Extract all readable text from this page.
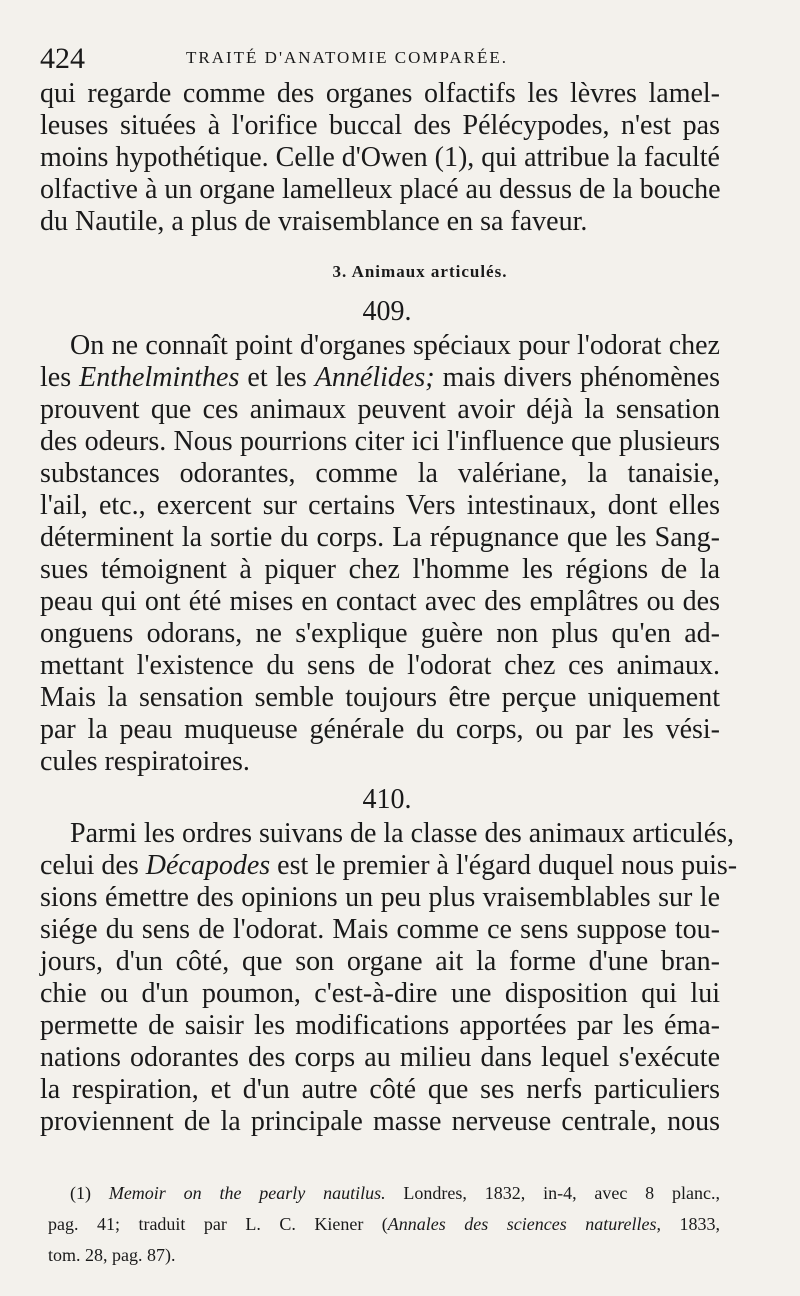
424	TRAITÉ D'ANATOMIE COMPARÉE.
qui regarde comme des organes olfactifs les lèvres lamel-
leuses situées à l'orifice buccal des Pélécypodes, n'est pas
moins hypothétique. Celle d'Owen (1), qui attribue la faculté
olfactive à un organe lamelleux placé au dessus de la bouche
du Nautile, a plus de vraisemblance en sa faveur.
3. Animaux articulés.
409.
On ne connaît point d'organes spéciaux pour l'odorat chez
les Enthelminthes et les Annélides; mais divers phénomènes
prouvent que ces animaux peuvent avoir déjà la sensation
des odeurs. Nous pourrions citer ici l'influence que plusieurs
substances odorantes, comme la valériane, la tanaisie,
l'ail, etc., exercent sur certains Vers intestinaux, dont elles
déterminent la sortie du corps. La répugnance que les Sang-
sues témoignent à piquer chez l'homme les régions de la
peau qui ont été mises en contact avec des emplâtres ou des
onguens odorans, ne s'explique guère non plus qu'en ad-
mettant l'existence du sens de l'odorat chez ces animaux.
Mais la sensation semble toujours être perçue uniquement
par la peau muqueuse générale du corps, ou par les vési-
cules respiratoires.
410.
Parmi les ordres suivans de la classe des animaux articulés,
celui des Décapodes est le premier à l'égard duquel nous puis-
sions émettre des opinions un peu plus vraisemblables sur le
siége du sens de l'odorat. Mais comme ce sens suppose tou-
jours, d'un côté, que son organe ait la forme d'une bran-
chie ou d'un poumon, c'est-à-dire une disposition qui lui
permette de saisir les modifications apportées par les éma-
nations odorantes des corps au milieu dans lequel s'exécute
la respiration, et d'un autre côté que ses nerfs particuliers
proviennent de la principale masse nerveuse centrale, nous
(1) Memoir on the pearly nautilus. Londres, 1832, in-4, avec 8 planc.,
pag. 41; traduit par L. C. Kiener (Annales des sciences naturelles, 1833,
tom. 28, pag. 87).
